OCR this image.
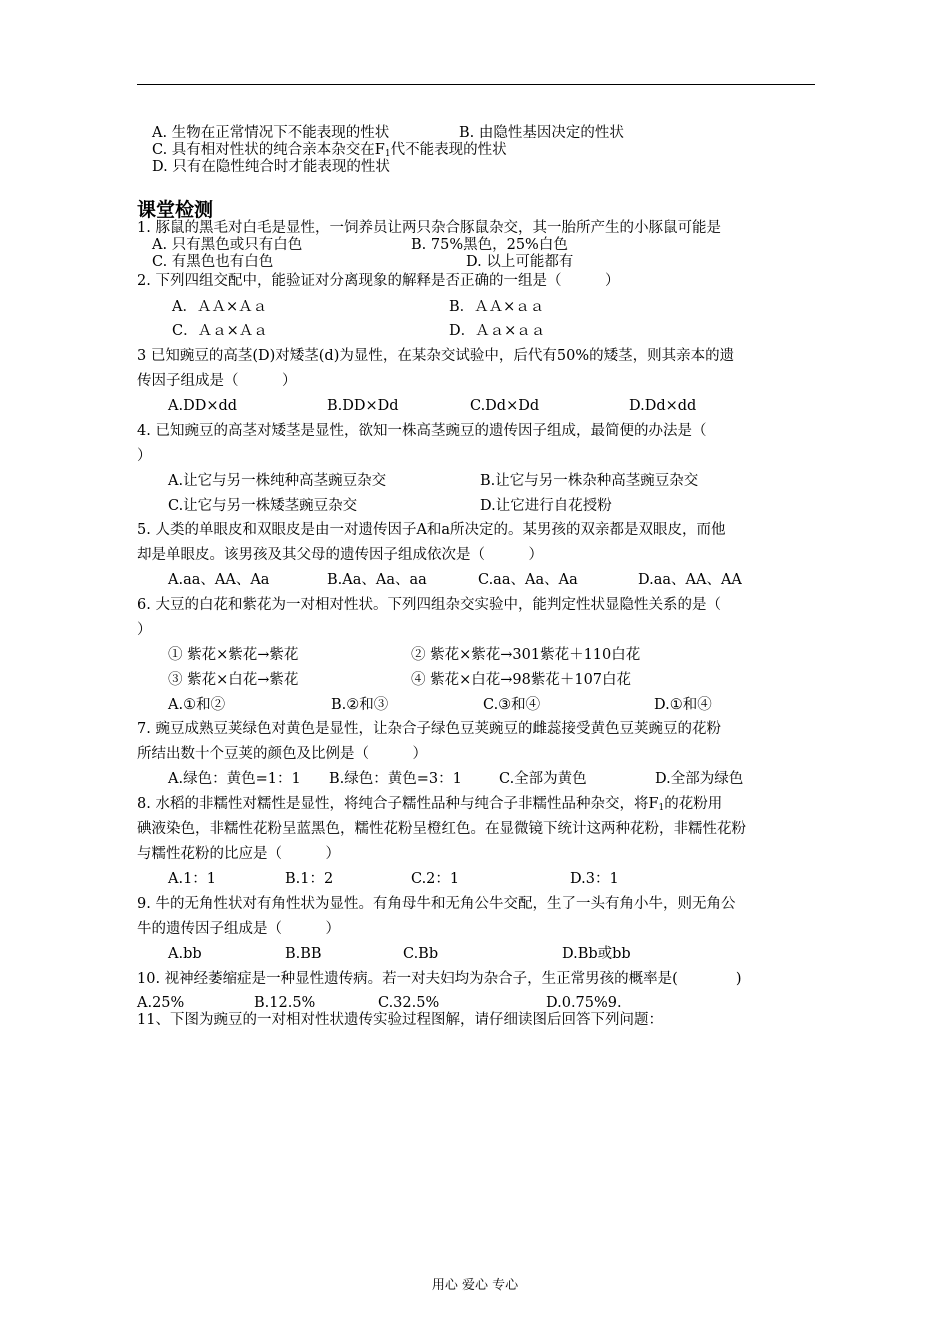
A. 生物在正常情况下不能表现的性状	B. 由隐性基因决定的性状
C. 具有相对性状的纯合亲本杂交在$F_1$代不能表现的性状
D. 只有在隐性纯合时才能表现的性状
课堂检测
1. 豚鼠的黑毛对白毛是显性，一饲养员让两只杂合豚鼠杂交，其一胎所产生的小豚鼠可能是
A. 只有黑色或只有白色	B. 75%黑色，25%白色
C. 有黑色也有白色	D. 以上可能都有
2. 下列四组交配中，能验证对分离现象的解释是否正确的一组是（　　　）
A．ＡＡ×Ａａ	B．ＡＡ×ａａ
C．Ａａ×Ａａ	D．Ａａ×ａａ
3 已知豌豆的高茎(D)对矮茎(d)为显性，在某杂交试验中，后代有50%的矮茎，则其亲本的遗
传因子组成是（　　　）
A.DD×dd	B.DD×Dd	C.Dd×Dd	D.Dd×dd
4. 已知豌豆的高茎对矮茎是显性，欲知一株高茎豌豆的遗传因子组成，最简便的办法是（
）
A.让它与另一株纯种高茎豌豆杂交	B.让它与另一株杂种高茎豌豆杂交
C.让它与另一株矮茎豌豆杂交	D.让它进行自花授粉
5. 人类的单眼皮和双眼皮是由一对遗传因子A和a所决定的。某男孩的双亲都是双眼皮，而他
却是单眼皮。该男孩及其父母的遗传因子组成依次是（　　　）
A.aa、AA、Aa	B.Aa、Aa、aa	C.aa、Aa、Aa	D.aa、AA、AA
6. 大豆的白花和紫花为一对相对性状。下列四组杂交实验中，能判定性状显隐性关系的是（
）
① 紫花×紫花→紫花	② 紫花×紫花→301紫花＋110白花
③ 紫花×白花→紫花	④ 紫花×白花→98紫花＋107白花
A.①和②	B.②和③	C.③和④	D.①和④
7. 豌豆成熟豆荚绿色对黄色是显性，让杂合子绿色豆荚豌豆的雌蕊接受黄色豆荚豌豆的花粉
所结出数十个豆荚的颜色及比例是（　　　）
A.绿色：黄色=1：1 B.绿色：黄色=3：1	C.全部为黄色	D.全部为绿色
8. 水稻的非糯性对糯性是显性，将纯合子糯性品种与纯合子非糯性品种杂交，将$F_1$的花粉用
碘液染色，非糯性花粉呈蓝黑色，糯性花粉呈橙红色。在显微镜下统计这两种花粉，非糯性花粉
与糯性花粉的比应是（　　　）
A.1：1	B.1：2	C.2：1	D.3：1
9. 牛的无角性状对有角性状为显性。有角母牛和无角公牛交配，生了一头有角小牛，则无角公
牛的遗传因子组成是（　　　）
A.bb	B.BB	C.Bb	D.Bb或bb
10. 视神经萎缩症是一种显性遗传病。若一对夫妇均为杂合子，生正常男孩的概率是(　　　　)
A.25%	B.12.5%	C.32.5%	D.0.75%9.
11、下图为豌豆的一对相对性状遗传实验过程图解，请仔细读图后回答下列问题：
用心 爱心 专心
